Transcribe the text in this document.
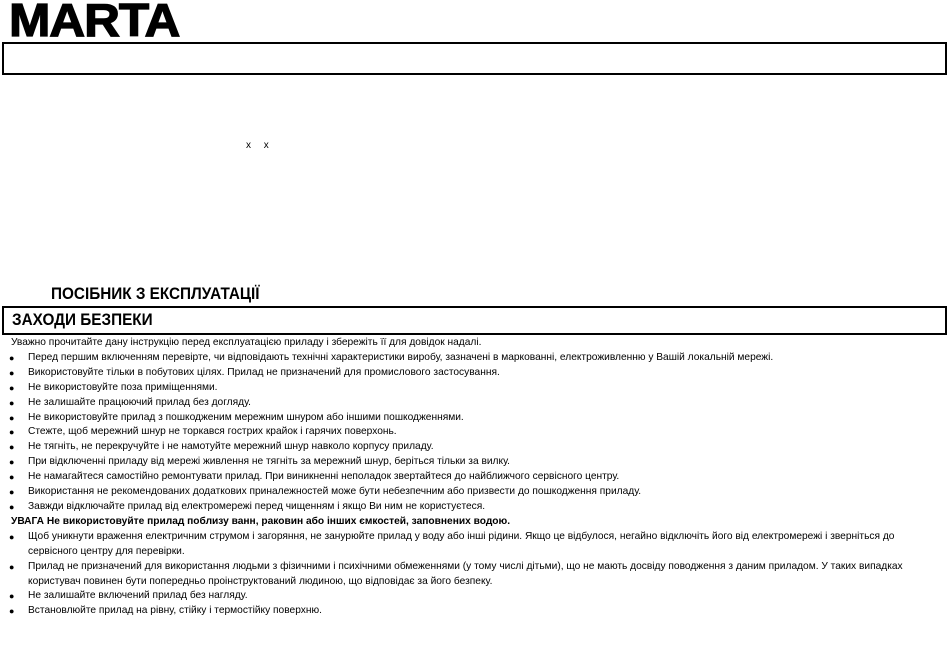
MARTA
x x
ПОСІБНИК З ЕКСПЛУАТАЦІЇ
ЗАХОДИ БЕЗПЕКИ
Уважно прочитайте дану інструкцію перед експлуатацією приладу і збережіть її для довідок надалі.
● Перед першим включенням перевірте, чи відповідають технічні характеристики виробу, зазначені в маркованні, електроживленню у Вашій локальній мережі.
● Використовуйте тільки в побутових цілях. Прилад не призначений для промислового застосування.
● Не використовуйте поза приміщеннями.
● Не залишайте працюючий прилад без догляду.
● Не використовуйте прилад з пошкодженим мережним шнуром або іншими пошкодженнями.
● Стежте, щоб мережний шнур не торкався гострих крайок і гарячих поверхонь.
● Не тягніть, не перекручуйте і не намотуйте мережний шнур навколо корпусу приладу.
● При відключенні приладу від мережі живлення не тягніть за мережний шнур, беріться тільки за вилку.
● Не намагайтеся самостійно ремонтувати прилад. При виникненні неполадок звертайтеся до найближчого сервісного центру.
● Використання не рекомендованих додаткових приналежностей може бути небезпечним або призвести до пошкодження приладу.
● Завжди відключайте прилад від електромережі перед чищенням і якщо Ви ним не користуєтеся.
УВАГА Не використовуйте прилад поблизу ванн, раковин або інших ємкостей, заповнених водою.
● Щоб уникнути враження електричним струмом і загоряння, не занурюйте прилад у воду або інші рідини. Якщо це відбулося, негайно відключіть його від електромережі і зверніться до сервісного центру для перевірки.
● Прилад не призначений для використання людьми з фізичними і психічними обмеженнями (у тому числі дітьми), що не мають досвіду поводження з даним приладом. У таких випадках користувач повинен бути попередньо проінструктований людиною, що відповідає за його безпеку.
● Не залишайте включений прилад без нагляду.
● Встановлюйте прилад на рівну, стійку і термостійку поверхню.
